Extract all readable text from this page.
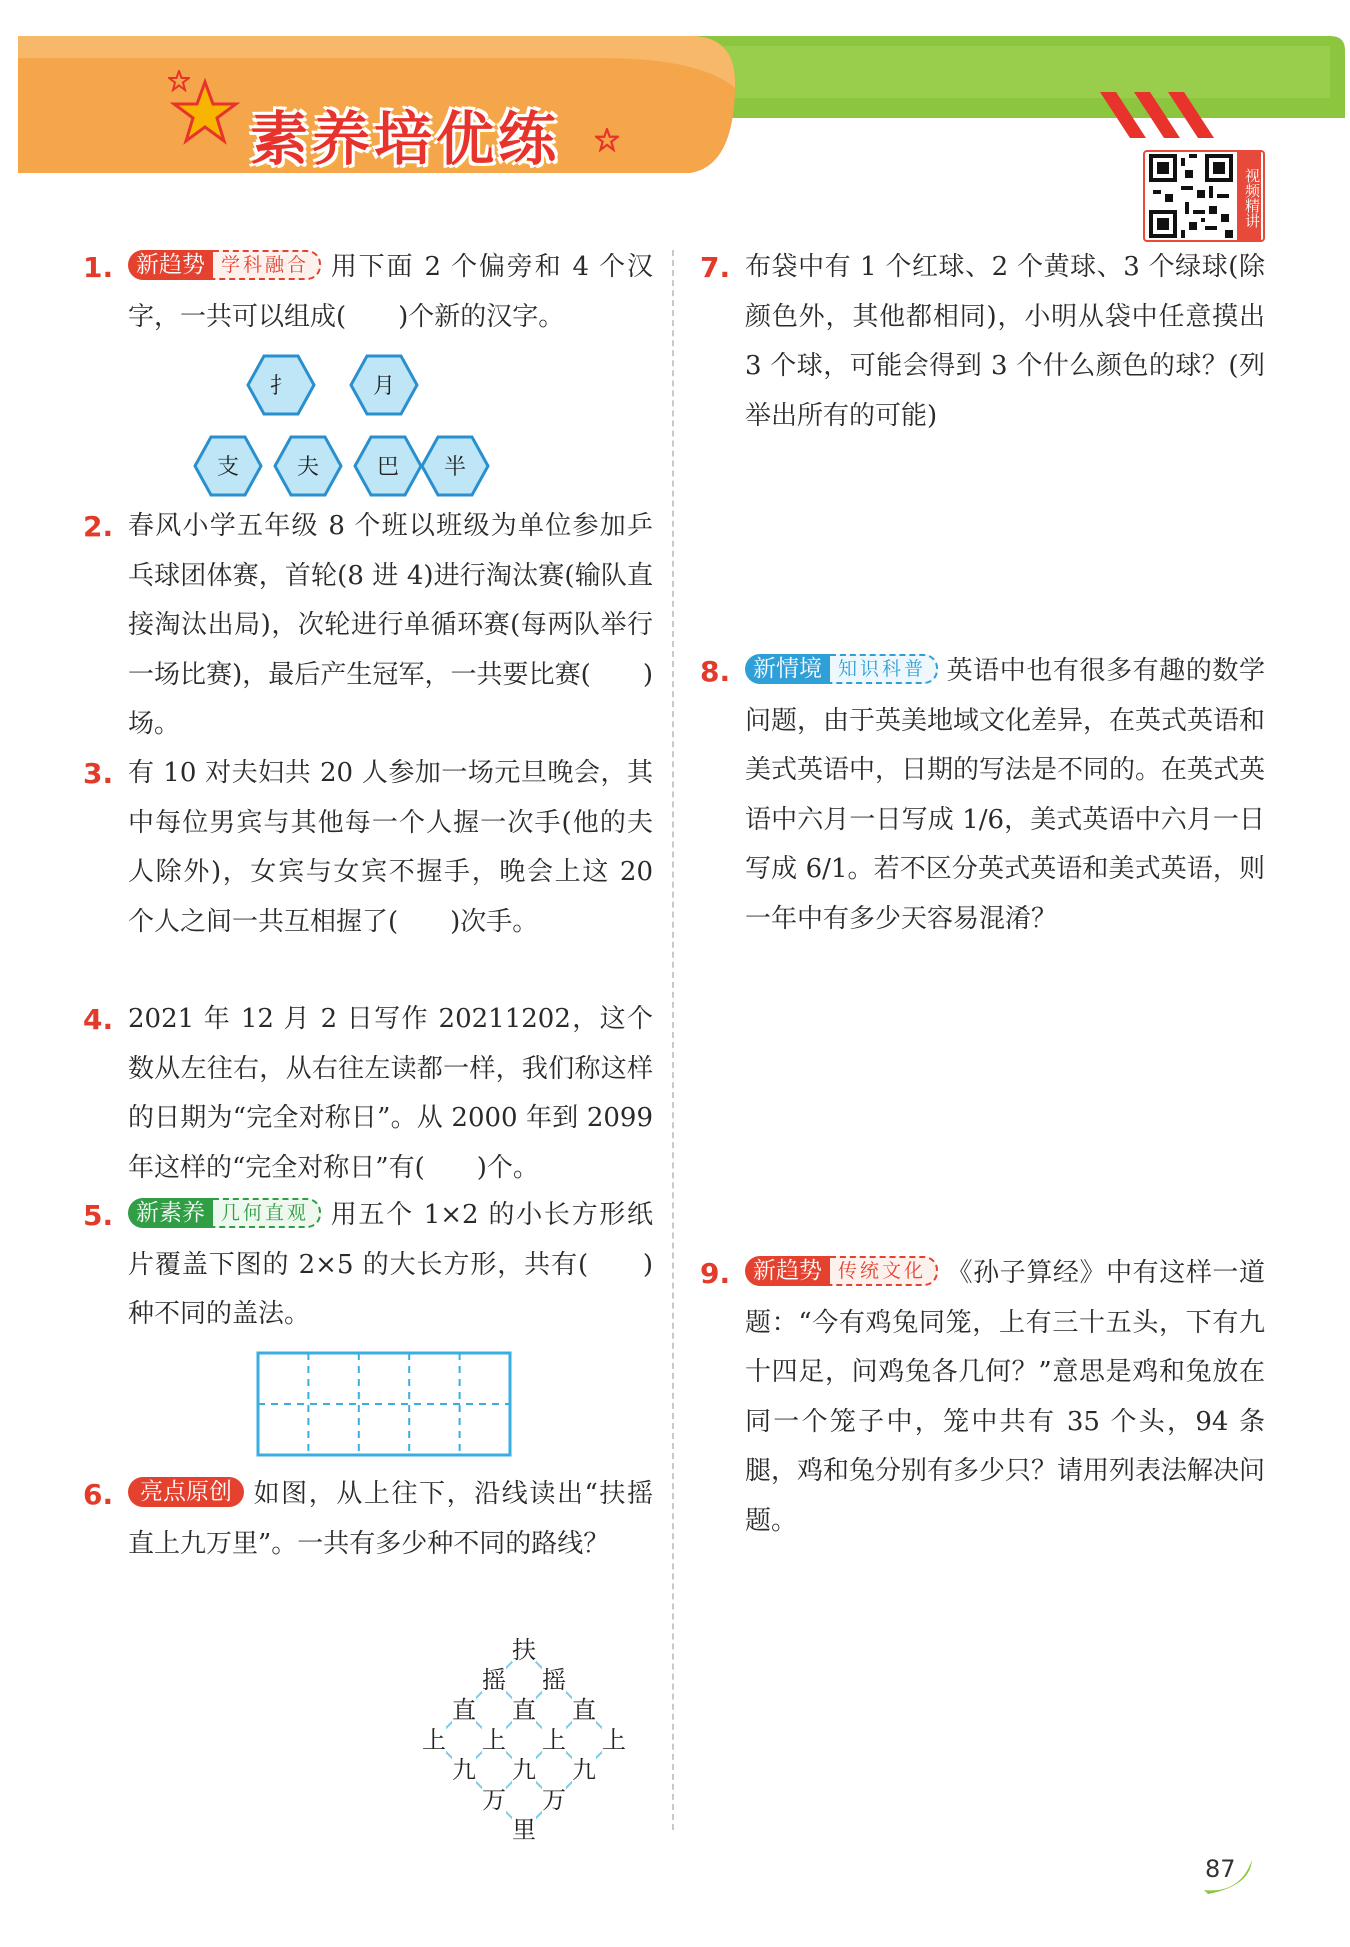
素养培优练
视频精讲
1. 新趋势 学科融合 用下面 2 个偏旁和 4 个汉字，一共可以组成(　　)个新的汉字。
扌	月
支	夫	巴 半
2. 春风小学五年级 8 个班以班级为单位参加乒乓球团体赛，首轮(8 进 4)进行淘汰赛(输队直接淘汰出局)，次轮进行单循环赛(每两队举行一场比赛)，最后产生冠军，一共要比赛(　　)场。
3. 有 10 对夫妇共 20 人参加一场元旦晚会，其中每位男宾与其他每一个人握一次手(他的夫人除外)，女宾与女宾不握手，晚会上这 20 个人之间一共互相握了(　　)次手。
4. 2021 年 12 月 2 日写作 20211202，这个数从左往右，从右往左读都一样，我们称这样的日期为“完全对称日”。从 2000 年到 2099 年这样的“完全对称日”有(　　)个。
5. 新素养 几何直观 用五个 1×2 的小长方形纸片覆盖下图的 2×5 的大长方形，共有(　　)种不同的盖法。
6.	亮点原创 如图，从上往下，沿线读出“扶摇直上九万里”。一共有多少种不同的路线？
扶
摇 摇
直 直 直
上 上 上 上
九 九 九
万 万
里
7. 布袋中有 1 个红球、2 个黄球、3 个绿球(除颜色外，其他都相同)，小明从袋中任意摸出 3 个球，可能会得到 3 个什么颜色的球？(列举出所有的可能)
8. 新情境 知识科普 英语中也有很多有趣的数学问题，由于英美地域文化差异，在英式英语和美式英语中，日期的写法是不同的。在英式英语中六月一日写成 1/6，美式英语中六月一日写成 6/1。若不区分英式英语和美式英语，则一年中有多少天容易混淆？
9. 新趋势 传统文化 《孙子算经》中有这样一道题：“今有鸡兔同笼，上有三十五头，下有九十四足，问鸡兔各几何？”意思是鸡和兔放在同一个笼子中，笼中共有 35 个头，94 条腿，鸡和兔分别有多少只？请用列表法解决问题。
87
